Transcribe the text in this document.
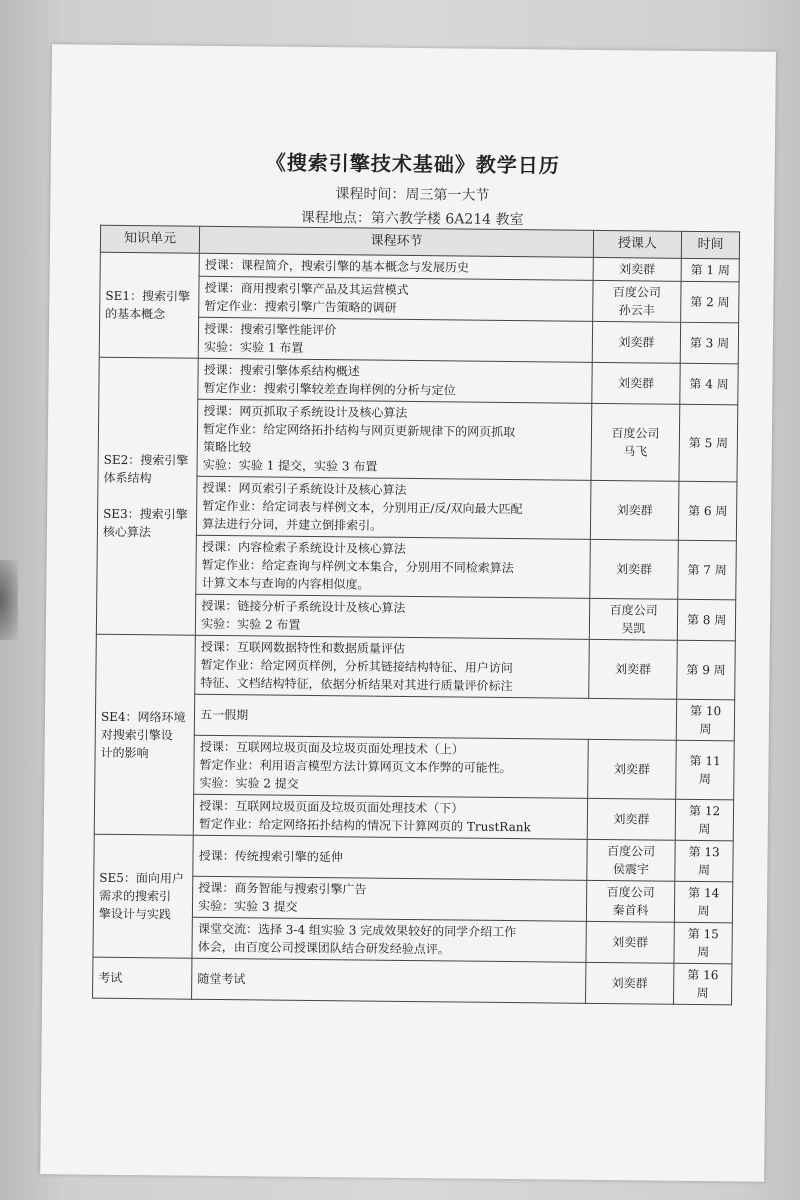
《搜索引擎技术基础》教学日历
课程时间：周三第一大节
课程地点：第六教学楼 6A214 教室
知识单元	课程环节	授课人	时间

SE1：搜索引擎
的基本概念	授课：课程简介，搜索引擎的基本概念与发展历史	刘奕群	第 1 周

	授课：商用搜索引擎产品及其运营模式
暂定作业：搜索引擎广告策略的调研	百度公司
孙云丰	第 2 周

	授课：搜索引擎性能评价
实验：实验 1 布置	刘奕群	第 3 周

SE2：搜索引擎
体系结构
SE3：搜索引擎
核心算法	授课：搜索引擎体系结构概述
暂定作业：搜索引擎较差查询样例的分析与定位	刘奕群	第 4 周

	授课：网页抓取子系统设计及核心算法
暂定作业：给定网络拓扑结构与网页更新规律下的网页抓取
策略比较
实验：实验 1 提交，实验 3 布置	百度公司
马飞	第 5 周

	授课：网页索引子系统设计及核心算法
暂定作业：给定词表与样例文本，分别用正/反/双向最大匹配
算法进行分词，并建立倒排索引。	刘奕群	第 6 周

	授课：内容检索子系统设计及核心算法
暂定作业：给定查询与样例文本集合，分别用不同检索算法
计算文本与查询的内容相似度。	刘奕群	第 7 周

	授课：链接分析子系统设计及核心算法
实验：实验 2 布置	百度公司
吴凯	第 8 周

SE4：网络环境
对搜索引擎设
计的影响	授课：互联网数据特性和数据质量评估
暂定作业：给定网页样例，分析其链接结构特征、用户访问
特征、文档结构特征，依据分析结果对其进行质量评价标注	刘奕群	第 9 周

	五一假期		第 10 周

	授课：互联网垃圾页面及垃圾页面处理技术（上）
暂定作业：利用语言模型方法计算网页文本作弊的可能性。
实验：实验 2 提交	刘奕群	第 11 周

	授课：互联网垃圾页面及垃圾页面处理技术（下）
暂定作业：给定网络拓扑结构的情况下计算网页的 TrustRank	刘奕群	第 12 周

SE5：面向用户
需求的搜索引
擎设计与实践	授课：传统搜索引擎的延伸	百度公司
侯震宇	第 13 周

	授课：商务智能与搜索引擎广告
实验：实验 3 提交	百度公司
秦首科	第 14 周

	课堂交流：选择 3-4 组实验 3 完成效果较好的同学介绍工作
体会，由百度公司授课团队结合研发经验点评。	刘奕群	第 15 周
考试	随堂考试	刘奕群	第 16 周
